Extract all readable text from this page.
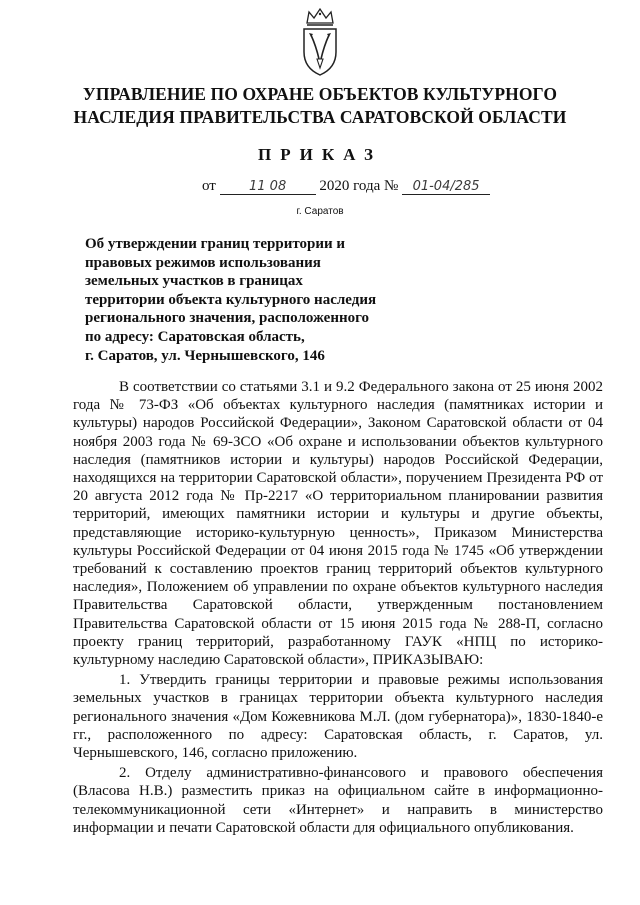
УПРАВЛЕНИЕ ПО ОХРАНЕ ОБЪЕКТОВ КУЛЬТУРНОГО
НАСЛЕДИЯ ПРАВИТЕЛЬСТВА САРАТОВСКОЙ ОБЛАСТИ
ПРИКАЗ
от	11 08 2020 года № 01-04/285
г. Саратов
Об утверждении границ территории и
правовых режимов использования
земельных участков в границах
территории объекта культурного наследия
регионального значения, расположенного
по адресу: Саратовская область,
г. Саратов, ул. Чернышевского, 146

В соответствии со статьями 3.1 и 9.2 Федерального закона от 25 июня 2002 года № 73-ФЗ «Об объектах культурного наследия (памятниках истории и культуры) народов Российской Федерации», Законом Саратовской области от 04 ноября 2003 года № 69-ЗСО «Об охране и использовании объектов культурного наследия (памятников истории и культуры) народов Российской Федерации, находящихся на территории Саратовской области», поручением Президента РФ от 20 августа 2012 года № Пр-2217 «О территориальном планировании развития территорий, имеющих памятники истории и культуры и другие объекты, представляющие историко-культурную ценность», Приказом Министерства культуры Российской Федерации от 04 июня 2015 года № 1745 «Об утверждении требований к составлению проектов границ территорий объектов культурного наследия», Положением об управлении по охране объектов культурного наследия Правительства Саратовской области, утвержденным постановлением Правительства Саратовской области от 15 июня 2015 года № 288-П, согласно проекту границ территорий, разработанному ГАУК «НПЦ по историко-культурному наследию Саратовской области», ПРИКАЗЫВАЮ:

1. Утвердить границы территории и правовые режимы использования земельных участков в границах территории объекта культурного наследия регионального значения «Дом Кожевникова М.Л. (дом губернатора)», 1830-1840-е гг., расположенного по адресу: Саратовская область, г. Саратов, ул. Чернышевского, 146, согласно приложению.

2. Отделу административно-финансового и правового обеспечения (Власова Н.В.) разместить приказ на официальном сайте в информационно-телекоммуникационной сети «Интернет» и направить в министерство информации и печати Саратовской области для официального опубликования.
